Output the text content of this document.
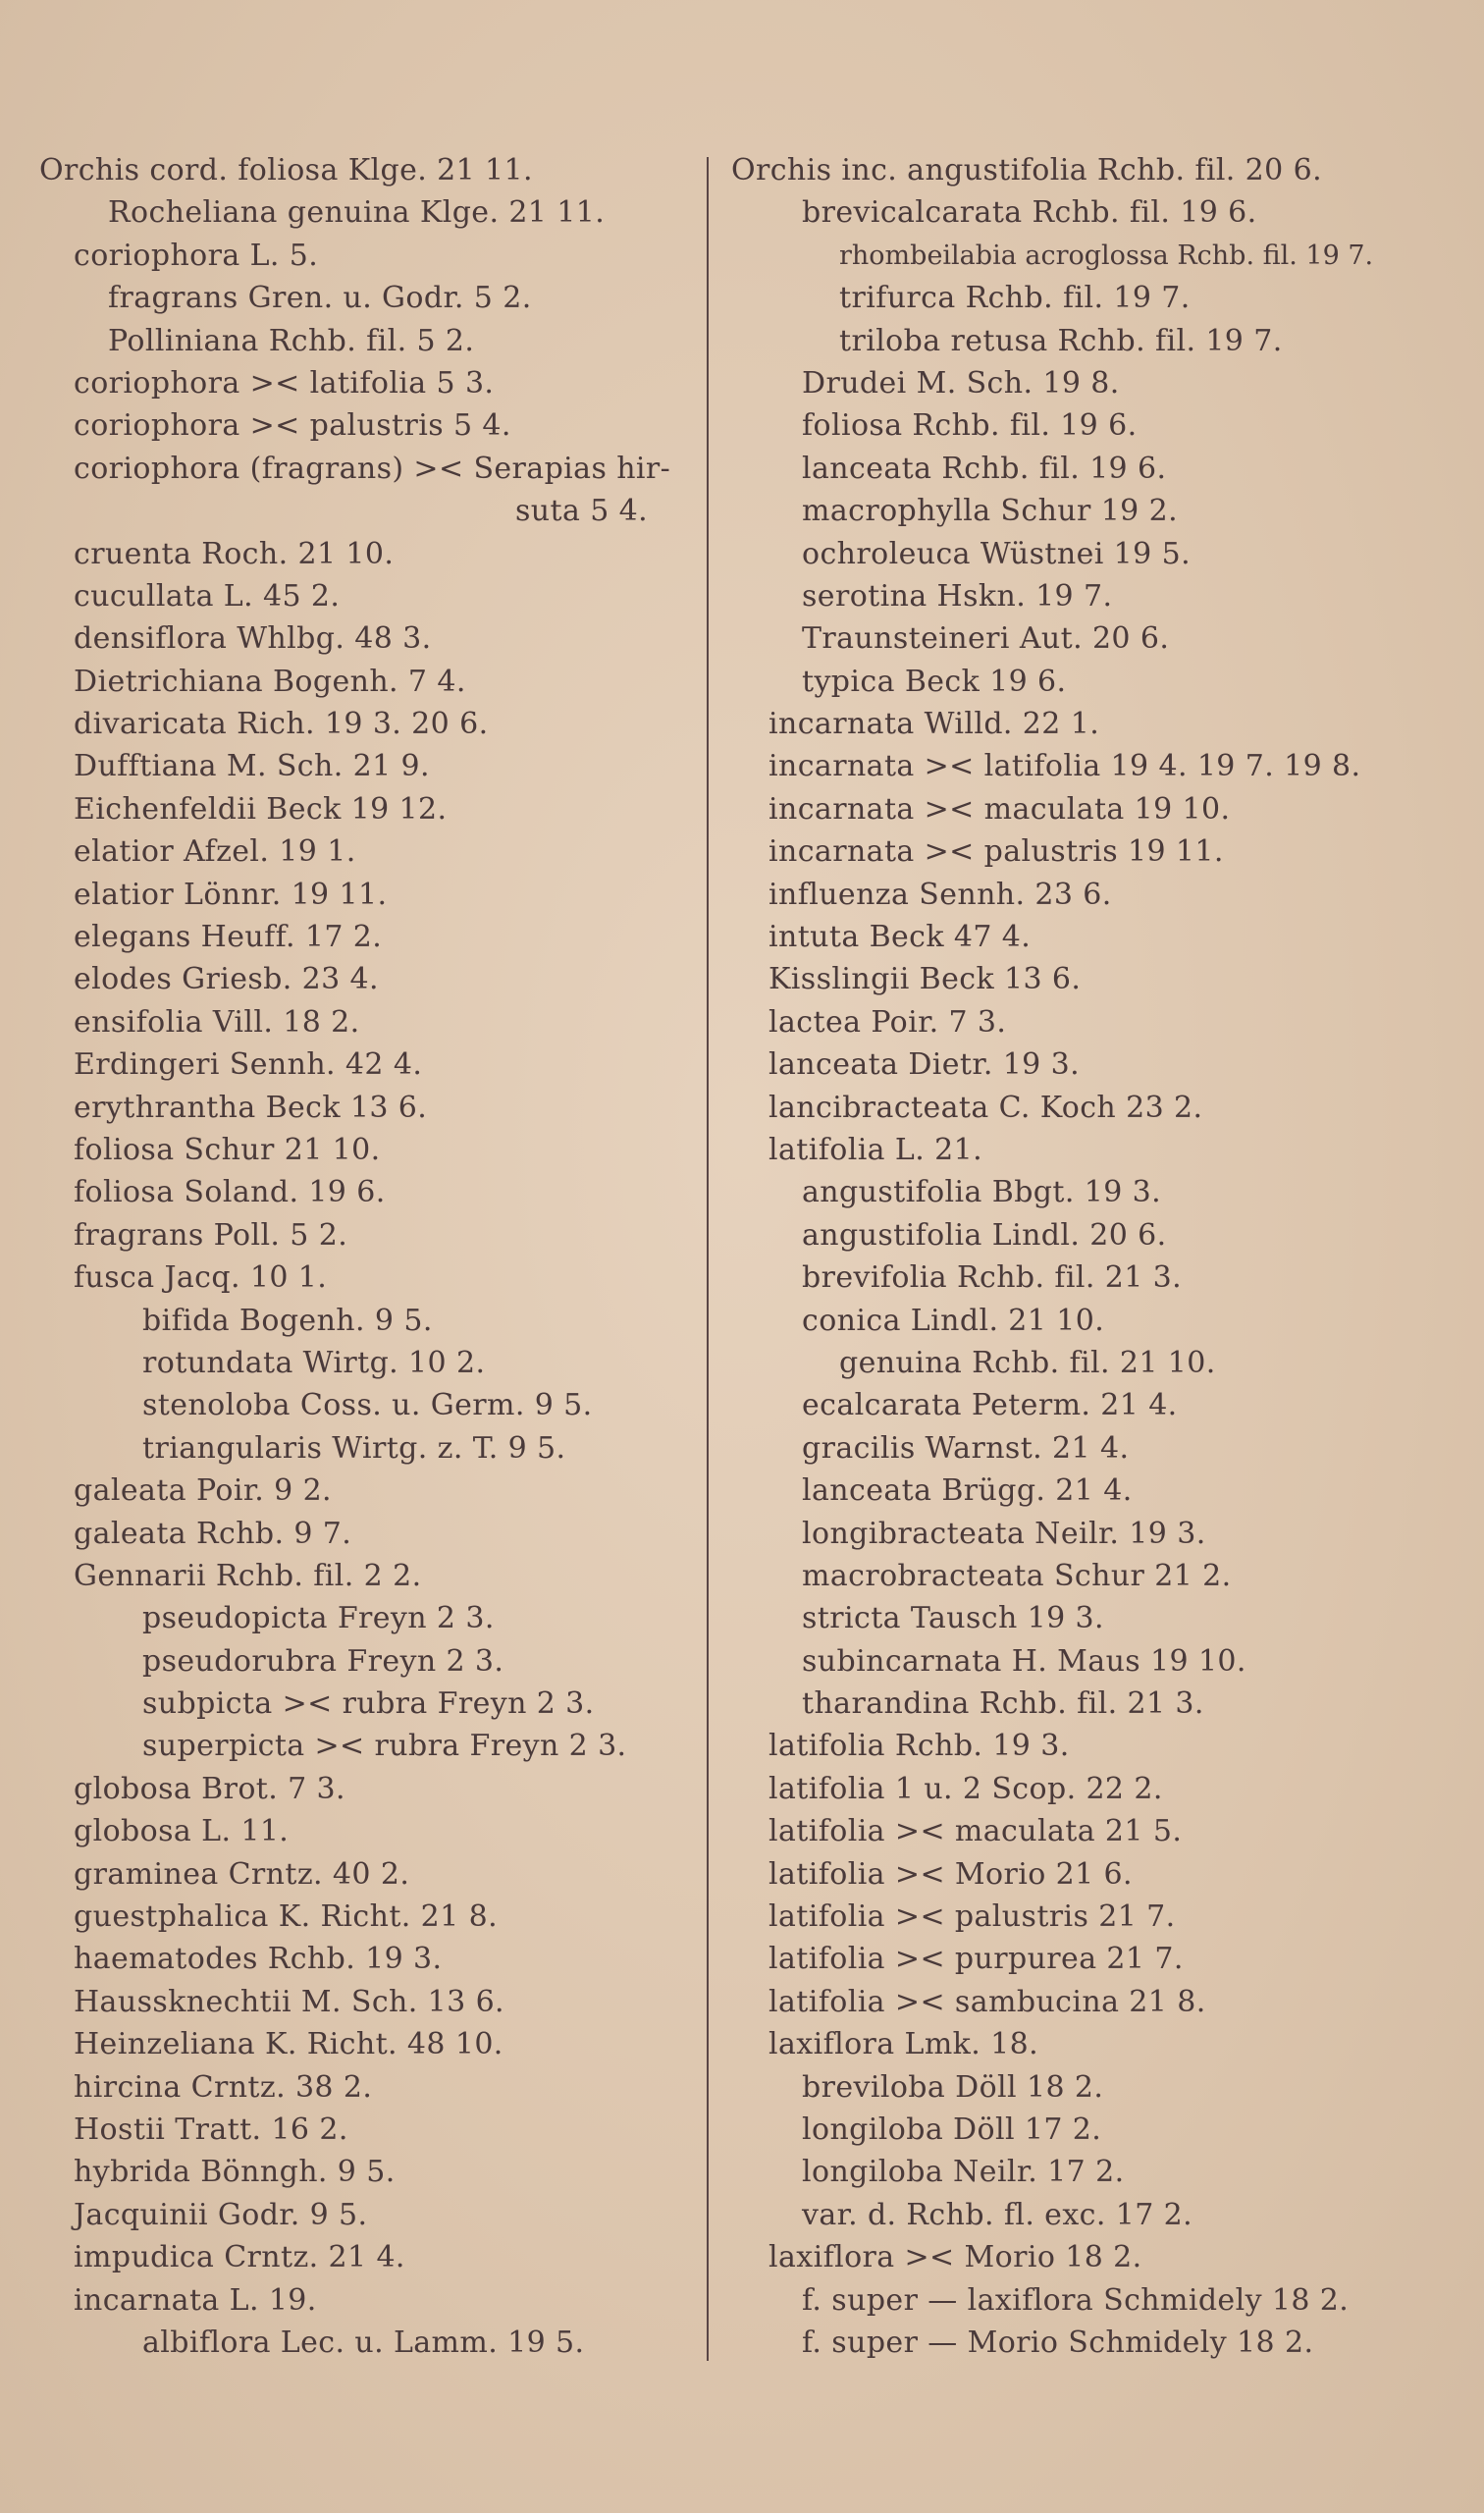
Orchis cord. foliosa Klge. 21 11.
Rocheliana genuina Klge. 21 11.
coriophora L. 5.
fragrans Gren. u. Godr. 5 2.
Polliniana Rchb. fil. 5 2.
coriophora >< latifolia 5 3.
coriophora >< palustris 5 4.
coriophora (fragrans) >< Serapias hir-
suta 5 4.
cruenta Roch. 21 10.
cucullata L. 45 2.
densiflora Whlbg. 48 3.
Dietrichiana Bogenh. 7 4.
divaricata Rich. 19 3. 20 6.
Dufftiana M. Sch. 21 9.
Eichenfeldii Beck 19 12.
elatior Afzel. 19 1.
elatior Lönnr. 19 11.
elegans Heuff. 17 2.
elodes Griesb. 23 4.
ensifolia Vill. 18 2.
Erdingeri Sennh. 42 4.
erythrantha Beck 13 6.
foliosa Schur 21 10.
foliosa Soland. 19 6.
fragrans Poll. 5 2.
fusca Jacq. 10 1.
bifida Bogenh. 9 5.
rotundata Wirtg. 10 2.
stenoloba Coss. u. Germ. 9 5.
triangularis Wirtg. z. T. 9 5.
galeata Poir. 9 2.
galeata Rchb. 9 7.
Gennarii Rchb. fil. 2 2.
pseudopicta Freyn 2 3.
pseudorubra Freyn 2 3.
subpicta >< rubra Freyn 2 3.
superpicta >< rubra Freyn 2 3.
globosa Brot. 7 3.
globosa L. 11.
graminea Crntz. 40 2.
guestphalica K. Richt. 21 8.
haematodes Rchb. 19 3.
Haussknechtii M. Sch. 13 6.
Heinzeliana K. Richt. 48 10.
hircina Crntz. 38 2.
Hostii Tratt. 16 2.
hybrida Bönngh. 9 5.
Jacquinii Godr. 9 5.
impudica Crntz. 21 4.
incarnata L. 19.
albiflora Lec. u. Lamm. 19 5.
Orchis inc. angustifolia Rchb. fil. 20 6.
brevicalcarata Rchb. fil. 19 6.
rhombeilabia acroglossa Rchb. fil. 19 7.
trifurca Rchb. fil. 19 7.
triloba retusa Rchb. fil. 19 7.
Drudei M. Sch. 19 8.
foliosa Rchb. fil. 19 6.
lanceata Rchb. fil. 19 6.
macrophylla Schur 19 2.
ochroleuca Wüstnei 19 5.
serotina Hskn. 19 7.
Traunsteineri Aut. 20 6.
typica Beck 19 6.
incarnata Willd. 22 1.
incarnata >< latifolia 19 4. 19 7. 19 8.
incarnata >< maculata 19 10.
incarnata >< palustris 19 11.
influenza Sennh. 23 6.
intuta Beck 47 4.
Kisslingii Beck 13 6.
lactea Poir. 7 3.
lanceata Dietr. 19 3.
lancibracteata C. Koch 23 2.
latifolia L. 21.
angustifolia Bbgt. 19 3.
angustifolia Lindl. 20 6.
brevifolia Rchb. fil. 21 3.
conica Lindl. 21 10.
genuina Rchb. fil. 21 10.
ecalcarata Peterm. 21 4.
gracilis Warnst. 21 4.
lanceata Brügg. 21 4.
longibracteata Neilr. 19 3.
macrobracteata Schur 21 2.
stricta Tausch 19 3.
subincarnata H. Maus 19 10.
tharandina Rchb. fil. 21 3.
latifolia Rchb. 19 3.
latifolia 1 u. 2 Scop. 22 2.
latifolia >< maculata 21 5.
latifolia >< Morio 21 6.
latifolia >< palustris 21 7.
latifolia >< purpurea 21 7.
latifolia >< sambucina 21 8.
laxiflora Lmk. 18.
breviloba Döll 18 2.
longiloba Döll 17 2.
longiloba Neilr. 17 2.
var. d. Rchb. fl. exc. 17 2.
laxiflora >< Morio 18 2.
f. super — laxiflora Schmidely 18 2.
f. super — Morio Schmidely 18 2.
